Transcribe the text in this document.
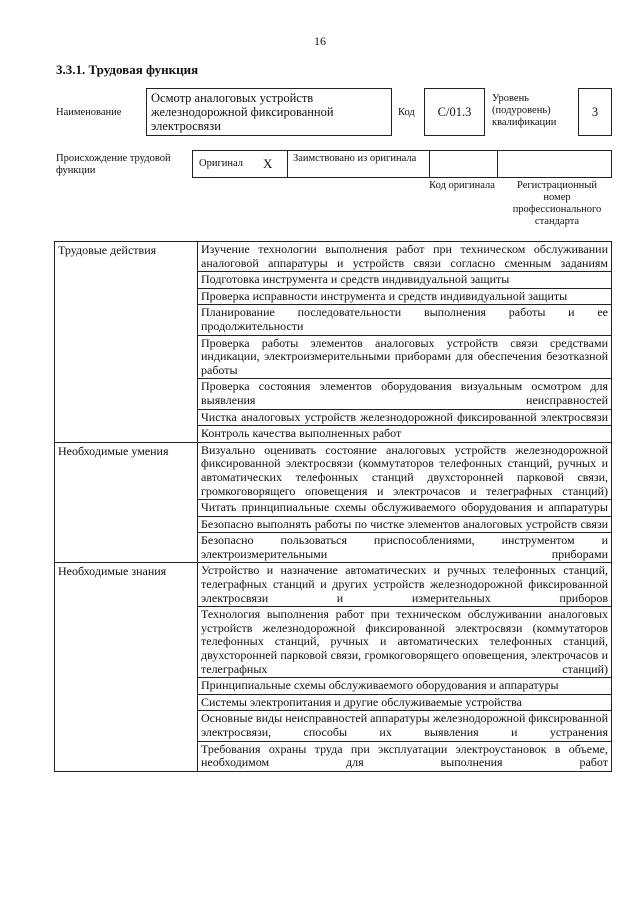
16
3.3.1. Трудовая функция
Наименование
Осмотр аналоговых устройств железнодорожной фиксированной электросвязи
Код C/01.3
Уровень (подуровень) квалификации
3
Происхождение трудовой функции
Оригинал X Заимствовано из оригинала
Код оригинала	Регистрационный номер профессионального стандарта
Трудовые действия	Изучение технологии выполнения работ при техническом обслуживании аналоговой аппаратуры и устройств связи согласно сменным заданиям
	Подготовка инструмента и средств индивидуальной защиты
	Проверка исправности инструмента и средств индивидуальной защиты
	Планирование последовательности выполнения работы и ее продолжительности
	Проверка работы элементов аналоговых устройств связи средствами индикации, электроизмерительными приборами для обеспечения безотказной работы
	Проверка состояния элементов оборудования визуальным осмотром для выявления неисправностей
	Чистка аналоговых устройств железнодорожной фиксированной электросвязи
	Контроль качества выполненных работ
Необходимые умения	Визуально оценивать состояние аналоговых устройств железнодорожной фиксированной электросвязи (коммутаторов телефонных станций, ручных и автоматических телефонных станций двухсторонней парковой связи, громкоговорящего оповещения и электрочасов и телеграфных станций)
	Читать принципиальные схемы обслуживаемого оборудования и аппаратуры
	Безопасно выполнять работы по чистке элементов аналоговых устройств связи
	Безопасно пользоваться приспособлениями, инструментом и электроизмерительными приборами
Необходимые знания	Устройство и назначение автоматических и ручных телефонных станций, телеграфных станций и других устройств железнодорожной фиксированной электросвязи и измерительных приборов
	Технология выполнения работ при техническом обслуживании аналоговых устройств железнодорожной фиксированной электросвязи (коммутаторов телефонных станций, ручных и автоматических телефонных станций, двухсторонней парковой связи, громкоговорящего оповещения, электрочасов и телеграфных станций)
	Принципиальные схемы обслуживаемого оборудования и аппаратуры
	Системы электропитания и другие обслуживаемые устройства
	Основные виды неисправностей аппаратуры железнодорожной фиксированной электросвязи, способы их выявления и устранения
	Требования охраны труда при эксплуатации электроустановок в объеме, необходимом для выполнения работ
